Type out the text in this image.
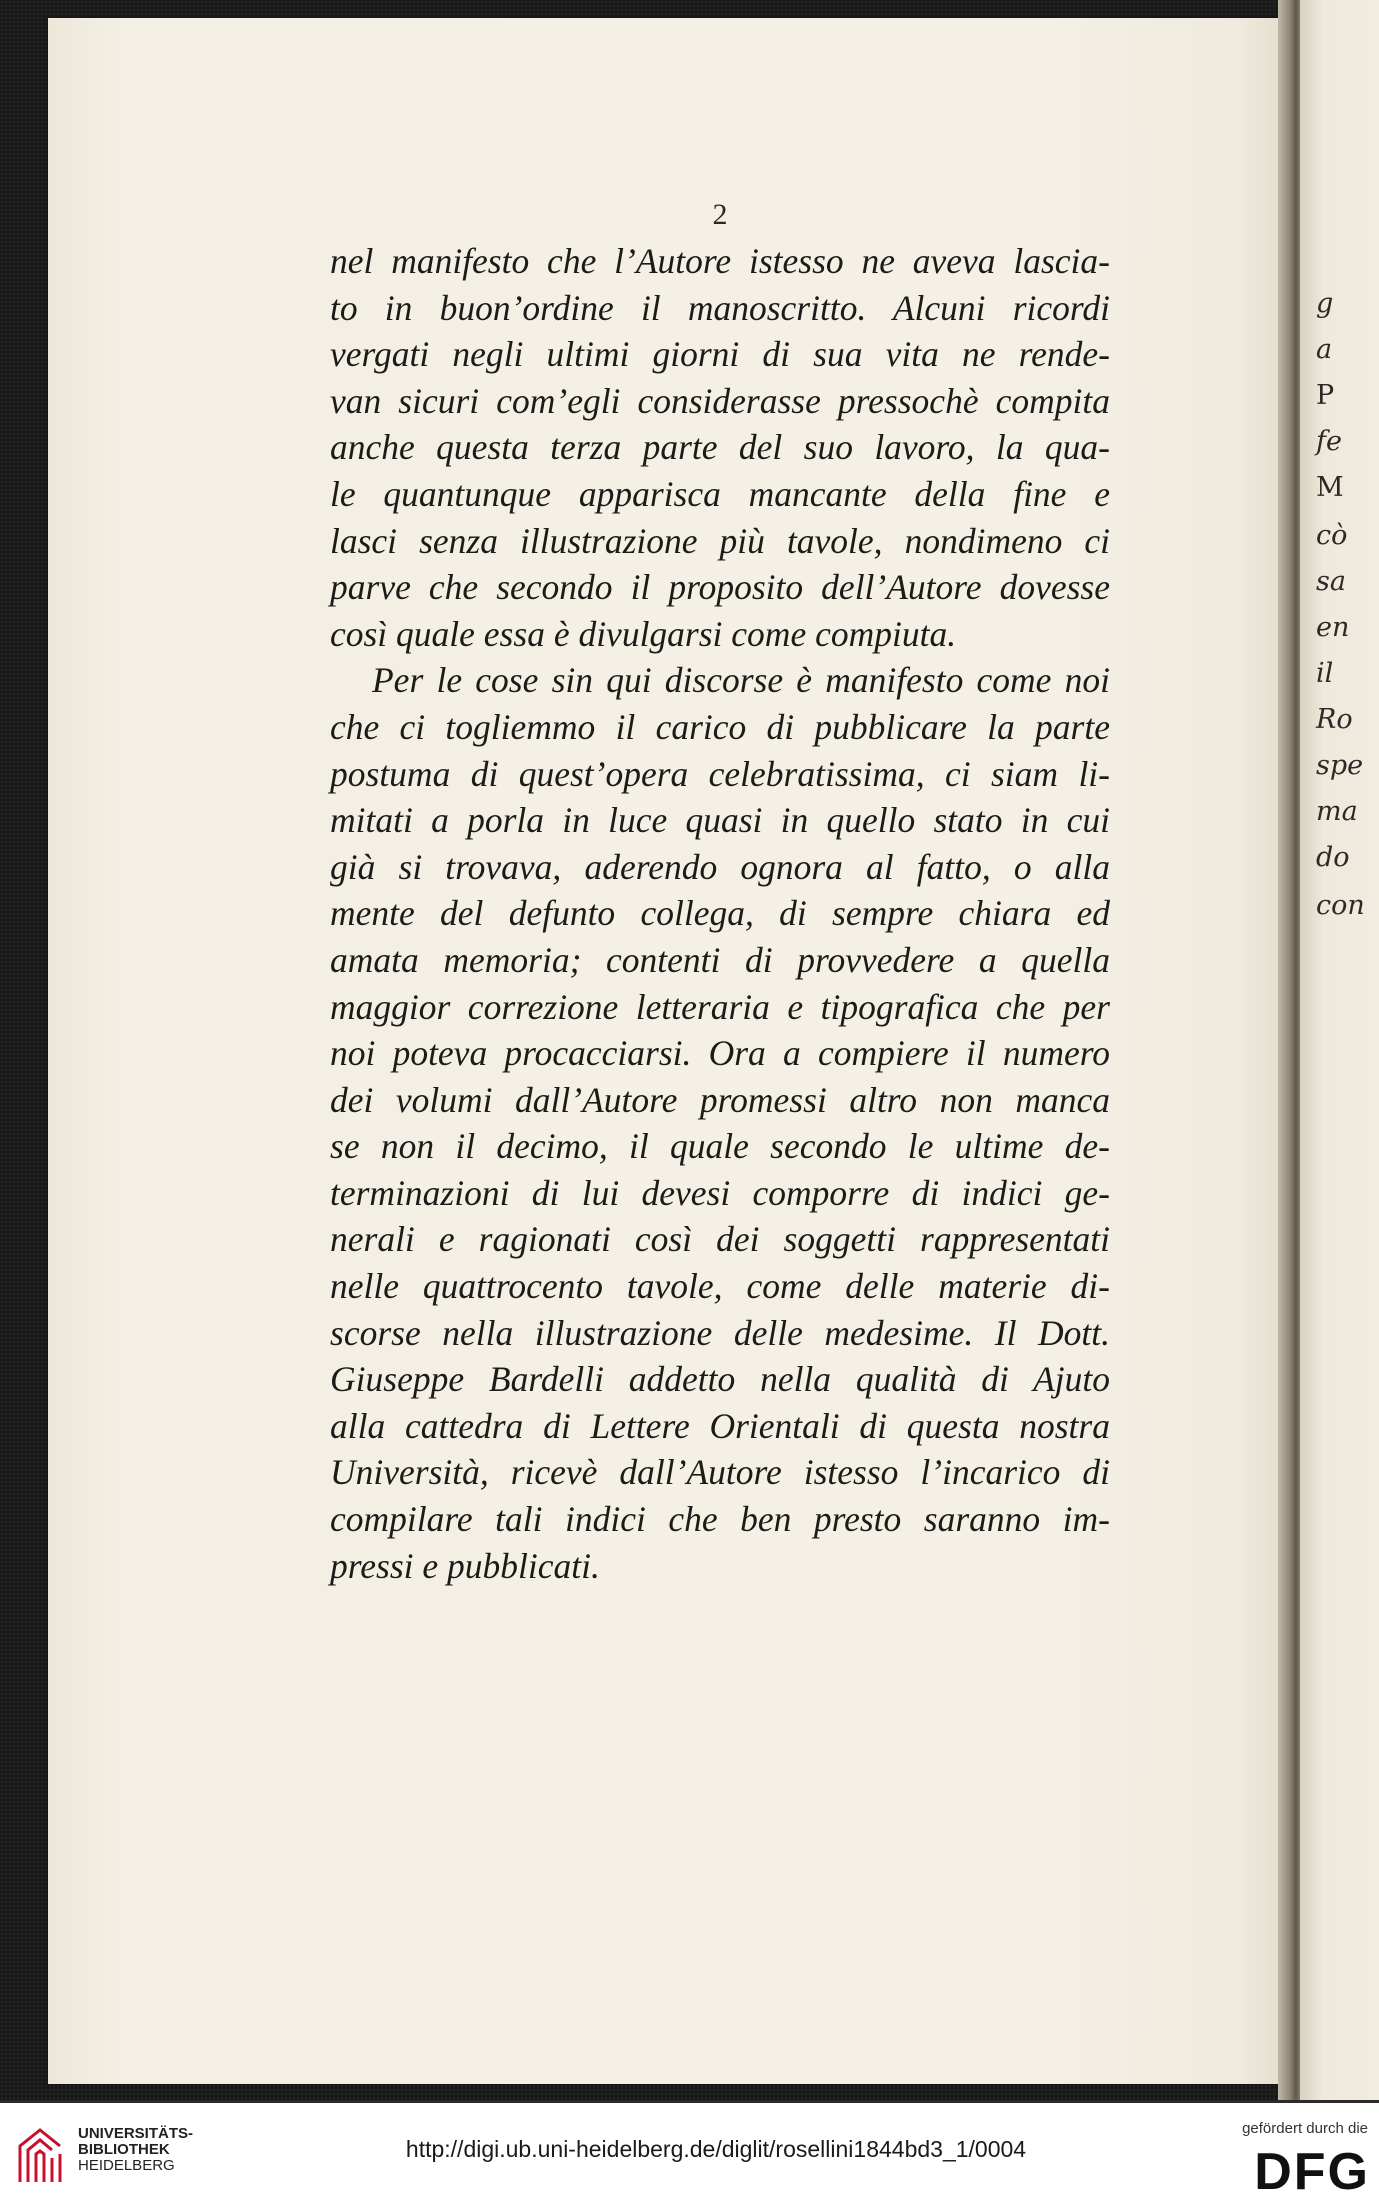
g
a
P
fe
M
cò
sa
en
il
Ro
spe
ma
do
con
2
nel manifesto che l’Autore istesso ne aveva lascia-
to in buon’ordine il manoscritto. Alcuni ricordi
vergati negli ultimi giorni di sua vita ne rende-
van sicuri com’egli considerasse pressochè compita
anche questa terza parte del suo lavoro, la qua-
le quantunque apparisca mancante della fine e
lasci senza illustrazione più tavole, nondimeno ci
parve che secondo il proposito dell’Autore dovesse
così quale essa è divulgarsi come compiuta.
Per le cose sin qui discorse è manifesto come noi
che ci togliemmo il carico di pubblicare la parte
postuma di quest’opera celebratissima, ci siam li-
mitati a porla in luce quasi in quello stato in cui
già si trovava, aderendo ognora al fatto, o alla
mente del defunto collega, di sempre chiara ed
amata memoria; contenti di provvedere a quella
maggior correzione letteraria e tipografica che per
noi poteva procacciarsi. Ora a compiere il numero
dei volumi dall’Autore promessi altro non manca
se non il decimo, il quale secondo le ultime de-
terminazioni di lui devesi comporre di indici ge-
nerali e ragionati così dei soggetti rappresentati
nelle quattrocento tavole, come delle materie di-
scorse nella illustrazione delle medesime. Il Dott.
Giuseppe Bardelli addetto nella qualità di Ajuto
alla cattedra di Lettere Orientali di questa nostra
Università, ricevè dall’Autore istesso l’incarico di
compilare tali indici che ben presto saranno im-
pressi e pubblicati.
UNIVERSITÄTS-
BIBLIOTHEK
HEIDELBERG
http://digi.ub.uni-heidelberg.de/diglit/rosellini1844bd3_1/0004
gefördert durch die
DFG
